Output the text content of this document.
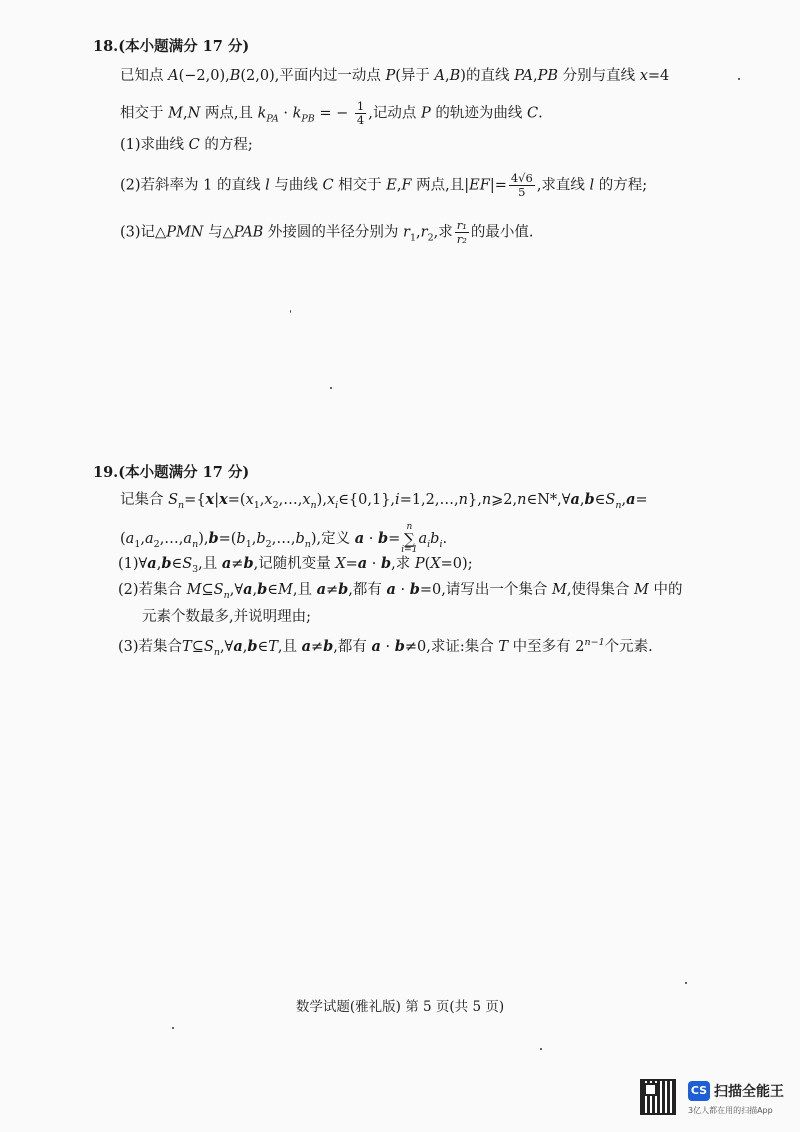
18.(本小题满分 17 分)
已知点 A(−2,0),B(2,0),平面内过一动点 P(异于 A,B)的直线 PA,PB 分别与直线 x=4
相交于 M,N 两点,且 $k_{PA} \cdot k_{PB}$ = − $\frac{1}{4}$ ,记动点 P 的轨迹为曲线 C.
(1)求曲线 C 的方程;
(2)若斜率为 1 的直线 l 与曲线 C 相交于 E,F 两点,且$|EF|= \frac{4√6}{5}$ ,求直线 l 的方程;
(3)记△PMN 与△PAB 外接圆的半径分别为 $r_1,r_2$,求 $\frac{\text{r₁}}{\text{r₂}}$ 的最小值.
19.(本小题满分 17 分)
记集合 $S_n=\{x|x=(x_1,x_2,\dots,x_n),x_i\in\{0,1\},i=1,2,\dots,n\},n⩾2,n\in N*,\forall a,b\in S_n,a=$
$(a_1,a_2,\dots,a_n),b=(b_1,b_2,\dots,b_n)$,定义 a · b=n
∑
$i=1a_ib_i$.
$(1)\forall a,b\in S_3$,且 a≠b,记随机变量 X=a · b,求 P(X=0);
(2)若集合 $M⊆S_n,\forall a,b\in M$,且 a≠b,都有 a · b=0,请写出一个集合 M,使得集合 M 中的
元素个数最多,并说明理由;
(3)若集合$T⊆S_n,\forall a,b\in T$,且 a≠b,都有 a · b≠0,求证:集合 T 中至多有 $2^{n-1}$个元素.
数学试题(雅礼版) 第 5 页(共 5 页)
CS 扫描全能王
3亿人都在用的扫描App
